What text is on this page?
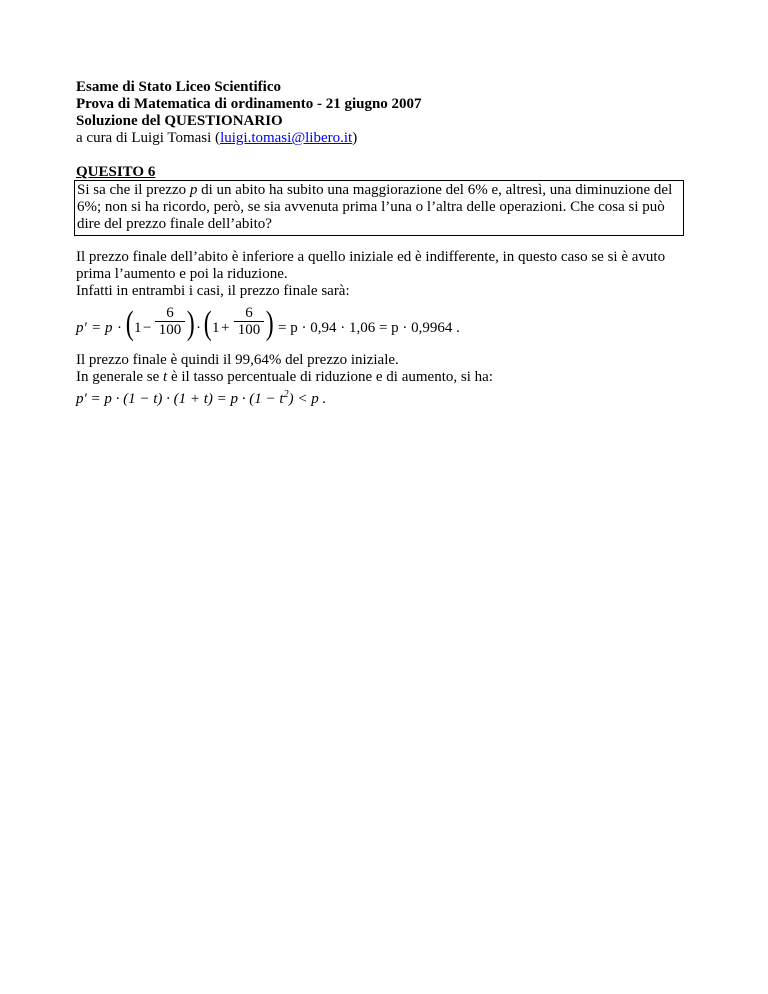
Esame di Stato Liceo Scientifico
Prova di Matematica di ordinamento - 21 giugno 2007
Soluzione del QUESTIONARIO
a cura di Luigi Tomasi (luigi.tomasi@libero.it)
QUESITO 6
Si sa che il prezzo p di un abito ha subito una maggiorazione del 6% e, altresì, una diminuzione del 6%; non si ha ricordo, però, se sia avvenuta prima l’una o l’altra delle operazioni. Che cosa si può dire del prezzo finale dell’abito?
Il prezzo finale dell’abito è inferiore a quello iniziale ed è indifferente, in questo caso se si è avuto prima l’aumento e poi la riduzione.
Infatti in entrambi i casi, il prezzo finale sarà:
p' = p · ( 1 −
6
100 ) · ( 1 +
6
100 ) = p · 0,94 · 1,06 = p · 0,9964 .
Il prezzo finale è quindi il 99,64% del prezzo iniziale.
In generale se t è il tasso percentuale di riduzione e di aumento, si ha:
$p' = p \cdot (1 - t) \cdot (1 + t) = p \cdot (1 - t^2) < p$ .
